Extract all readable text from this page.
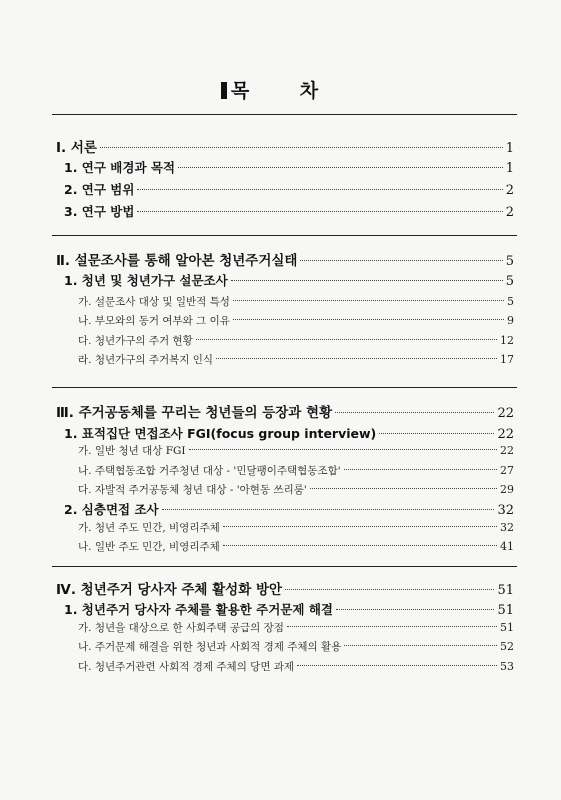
목 차
Ⅰ. 서론	1
1. 연구 배경과 목적	1
2. 연구 범위	2
3. 연구 방법	2
Ⅱ. 설문조사를 통해 알아본 청년주거실태	5
1. 청년 및 청년가구 설문조사	5
가. 설문조사 대상 및 일반적 특성	5
나. 부모와의 동거 여부와 그 이유	9
다. 청년가구의 주거 현황	12
라. 청년가구의 주거복지 인식	17
Ⅲ. 주거공동체를 꾸리는 청년들의 등장과 현황	22
1. 표적집단 면접조사 FGI(focus group interview)	22
가. 일반 청년 대상 FGI	22
나. 주택협동조합 거주청년 대상 - '민달팽이주택협동조합'	27
다. 자발적 주거공동체 청년 대상 - '아현동 쓰리룸'	29
2. 심층면접 조사	32
가. 청년 주도 민간, 비영리주체	32
나. 일반 주도 민간, 비영리주체	41
Ⅳ. 청년주거 당사자 주체 활성화 방안	51
1. 청년주거 당사자 주체를 활용한 주거문제 해결	51
가. 청년을 대상으로 한 사회주택 공급의 장점	51
나. 주거문제 해결을 위한 청년과 사회적 경제 주체의 활용	52
다. 청년주거관련 사회적 경제 주체의 당면 과제	53
